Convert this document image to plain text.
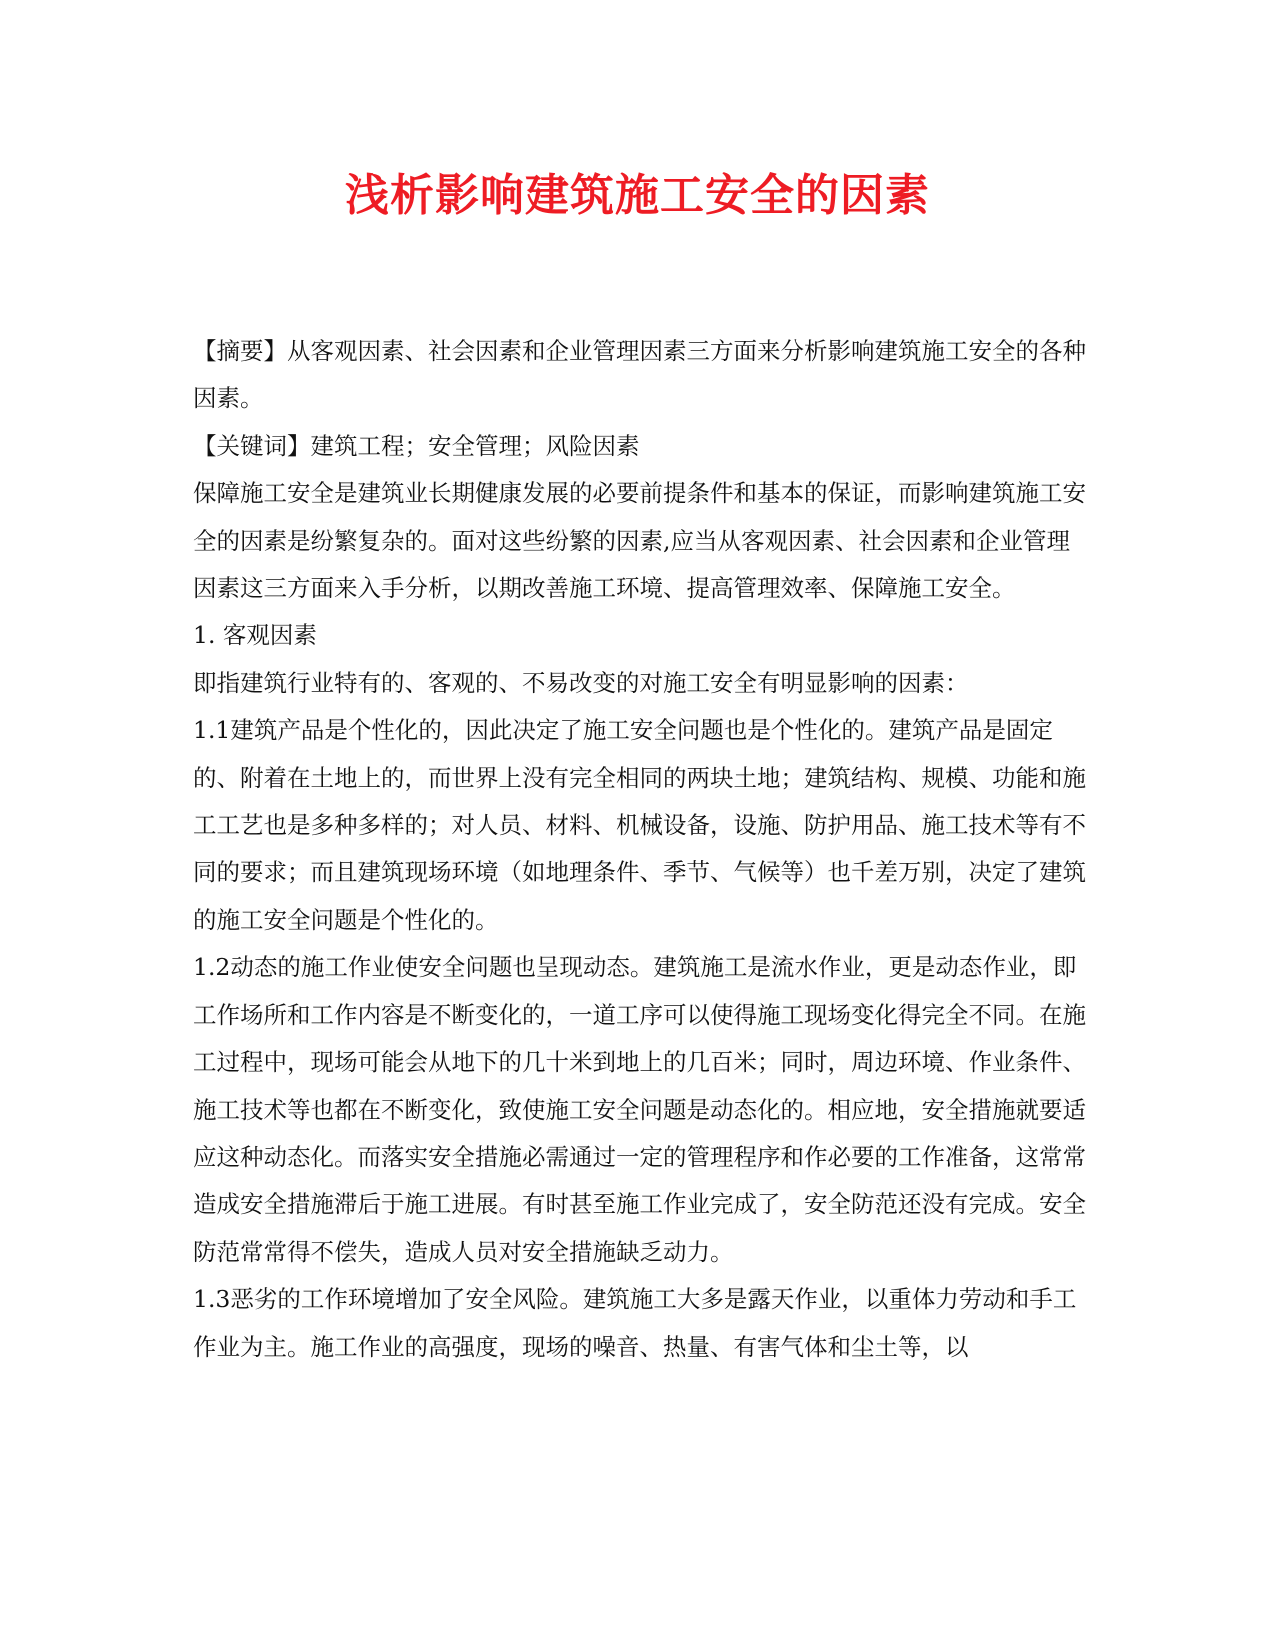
浅析影响建筑施工安全的因素

【摘要】从客观因素、社会因素和企业管理因素三方面来分析影响建筑施工安全的各种因素。

【关键词】建筑工程；安全管理；风险因素

保障施工安全是建筑业长期健康发展的必要前提条件和基本的保证，而影响建筑施工安全的因素是纷繁复杂的。面对这些纷繁的因素,应当从客观因素、社会因素和企业管理因素这三方面来入手分析，以期改善施工环境、提高管理效率、保障施工安全。

1. 客观因素

即指建筑行业特有的、客观的、不易改变的对施工安全有明显影响的因素：

1.1建筑产品是个性化的，因此决定了施工安全问题也是个性化的。建筑产品是固定的、附着在土地上的，而世界上没有完全相同的两块土地；建筑结构、规模、功能和施工工艺也是多种多样的；对人员、材料、机械设备，设施、防护用品、施工技术等有不同的要求；而且建筑现场环境（如地理条件、季节、气候等）也千差万别，决定了建筑的施工安全问题是个性化的。

1.2动态的施工作业使安全问题也呈现动态。建筑施工是流水作业，更是动态作业，即工作场所和工作内容是不断变化的，一道工序可以使得施工现场变化得完全不同。在施工过程中，现场可能会从地下的几十米到地上的几百米；同时，周边环境、作业条件、施工技术等也都在不断变化，致使施工安全问题是动态化的。相应地，安全措施就要适应这种动态化。而落实安全措施必需通过一定的管理程序和作必要的工作准备，这常常造成安全措施滞后于施工进展。有时甚至施工作业完成了，安全防范还没有完成。安全防范常常得不偿失，造成人员对安全措施缺乏动力。

1.3恶劣的工作环境增加了安全风险。建筑施工大多是露天作业，以重体力劳动和手工作业为主。施工作业的高强度，现场的噪音、热量、有害气体和尘土等，以
